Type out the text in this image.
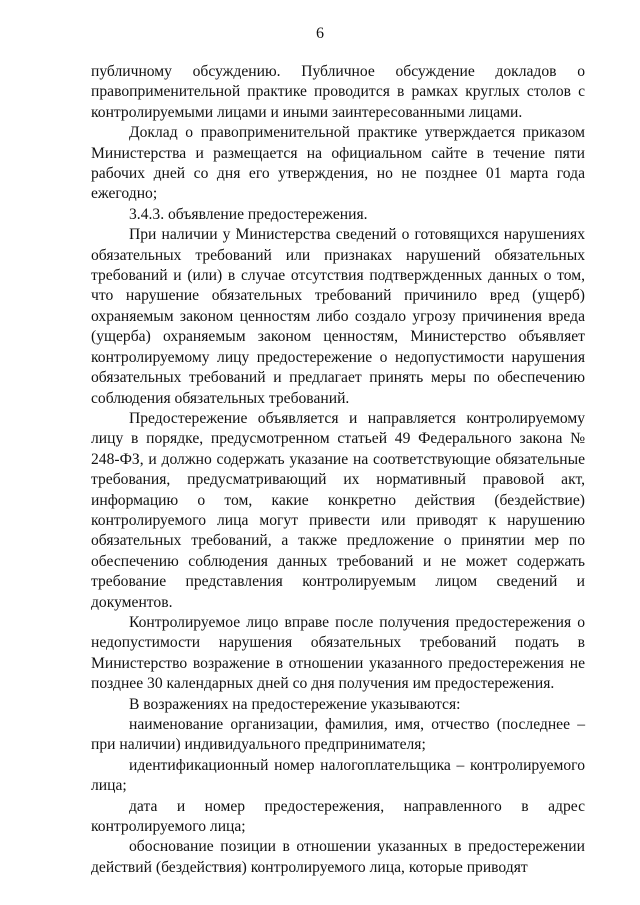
6

публичному обсуждению. Публичное обсуждение докладов о правоприменительной практике проводится в рамках круглых столов с контролируемыми лицами и иными заинтересованными лицами.

Доклад о правоприменительной практике утверждается приказом Министерства и размещается на официальном сайте в течение пяти рабочих дней со дня его утверждения, но не позднее 01 марта года ежегодно;

3.4.3. объявление предостережения.

При наличии у Министерства сведений о готовящихся нарушениях обязательных требований или признаках нарушений обязательных требований и (или) в случае отсутствия подтвержденных данных о том, что нарушение обязательных требований причинило вред (ущерб) охраняемым законом ценностям либо создало угрозу причинения вреда (ущерба) охраняемым законом ценностям, Министерство объявляет контролируемому лицу предостережение о недопустимости нарушения обязательных требований и предлагает принять меры по обеспечению соблюдения обязательных требований.

Предостережение объявляется и направляется контролируемому лицу в порядке, предусмотренном статьей 49 Федерального закона № 248-ФЗ, и должно содержать указание на соответствующие обязательные требования, предусматривающий их нормативный правовой акт, информацию о том, какие конкретно действия (бездействие) контролируемого лица могут привести или приводят к нарушению обязательных требований, а также предложение о принятии мер по обеспечению соблюдения данных требований и не может содержать требование представления контролируемым лицом сведений и документов.

Контролируемое лицо вправе после получения предостережения о недопустимости нарушения обязательных требований подать в Министерство возражение в отношении указанного предостережения не позднее 30 календарных дней со дня получения им предостережения.

В возражениях на предостережение указываются:

наименование организации, фамилия, имя, отчество (последнее – при наличии) индивидуального предпринимателя;

идентификационный номер налогоплательщика – контролируемого лица;

дата и номер предостережения, направленного в адрес контролируемого лица;

обоснование позиции в отношении указанных в предостережении действий (бездействия) контролируемого лица, которые приводят
